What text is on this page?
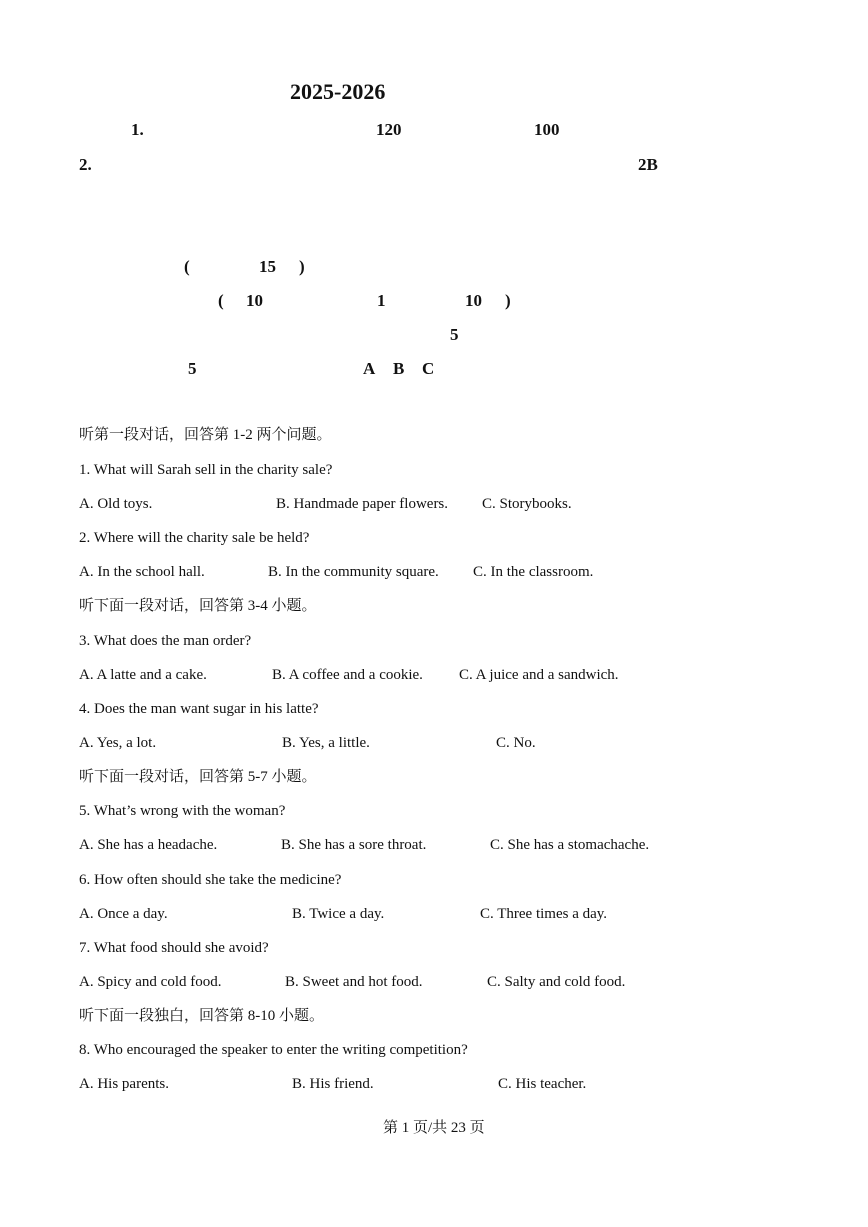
2025-2026
1.	120	100
2.	2B
(	15 )
( 10	1	10 )
5
5	A B C
听第一段对话，回答第 1-2 两个问题。
1. What will Sarah sell in the charity sale?
A. Old toys.	B. Handmade paper flowers. C. Storybooks.
2. Where will the charity sale be held?
A. In the school hall.	B. In the community square. C. In the classroom.
听下面一段对话，回答第 3-4 小题。
3. What does the man order?
A. A latte and a cake.	B. A coffee and a cookie. C. A juice and a sandwich.
4. Does the man want sugar in his latte?
A. Yes, a lot.	B. Yes, a little.	C. No.
听下面一段对话，回答第 5-7 小题。
5. What’s wrong with the woman?
A. She has a headache.	B. She has a sore throat.	C. She has a stomachache.
6. How often should she take the medicine?
A. Once a day.	B. Twice a day.	C. Three times a day.
7. What food should she avoid?
A. Spicy and cold food.	B. Sweet and hot food.	C. Salty and cold food.
听下面一段独白，回答第 8-10 小题。
8. Who encouraged the speaker to enter the writing competition?
A. His parents.	B. His friend.	C. His teacher.
第 1 页/共 23 页
